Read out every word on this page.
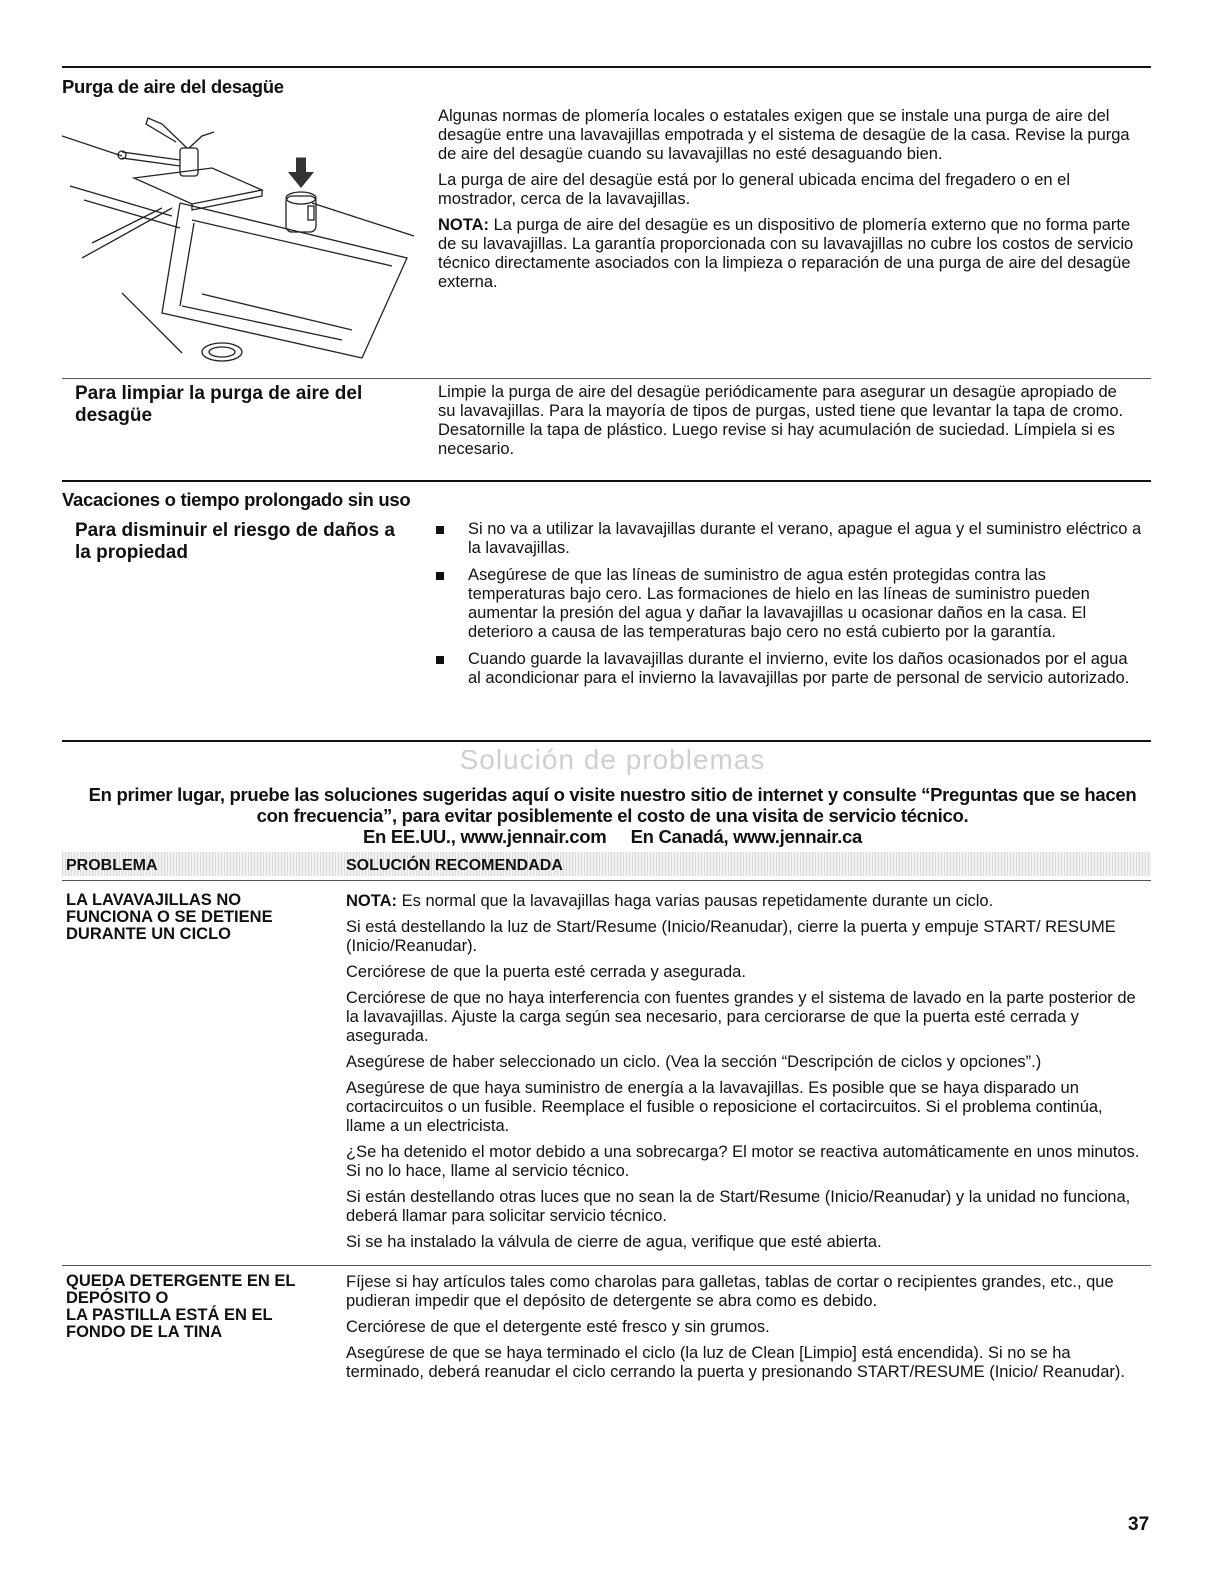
Purga de aire del desagüe

Algunas normas de plomería locales o estatales exigen que se instale una purga de aire del desagüe entre una lavavajillas empotrada y el sistema de desagüe de la casa. Revise la purga de aire del desagüe cuando su lavavajillas no esté desaguando bien.

La purga de aire del desagüe está por lo general ubicada encima del fregadero o en el mostrador, cerca de la lavavajillas.

NOTA: La purga de aire del desagüe es un dispositivo de plomería externo que no forma parte de su lavavajillas. La garantía proporcionada con su lavavajillas no cubre los costos de servicio técnico directamente asociados con la limpieza o reparación de una purga de aire del desagüe externa.

Para limpiar la purga de aire del desagüe
Limpie la purga de aire del desagüe periódicamente para asegurar un desagüe apropiado de su lavavajillas. Para la mayoría de tipos de purgas, usted tiene que levantar la tapa de cromo. Desatornille la tapa de plástico. Luego revise si hay acumulación de suciedad. Límpiela si es necesario.
Vacaciones o tiempo prolongado sin uso
Para disminuir el riesgo de daños a la propiedad
Si no va a utilizar la lavavajillas durante el verano, apague el agua y el suministro eléctrico a la lavavajillas.
Asegúrese de que las líneas de suministro de agua estén protegidas contra las temperaturas bajo cero. Las formaciones de hielo en las líneas de suministro pueden aumentar la presión del agua y dañar la lavavajillas u ocasionar daños en la casa. El deterioro a causa de las temperaturas bajo cero no está cubierto por la garantía.
Cuando guarde la lavavajillas durante el invierno, evite los daños ocasionados por el agua al acondicionar para el invierno la lavavajillas por parte de personal de servicio autorizado.
Solución de problemas
En primer lugar, pruebe las soluciones sugeridas aquí o visite nuestro sitio de internet y consulte “Preguntas que se hacen
con frecuencia”, para evitar posiblemente el costo de una visita de servicio técnico.
En EE.UU., www.jennair.com     En Canadá, www.jennair.ca
PROBLEMA	SOLUCIÓN RECOMENDADA
LA LAVAVAJILLAS NO
FUNCIONA O SE DETIENE
DURANTE UN CICLO

NOTA: Es normal que la lavavajillas haga varias pausas repetidamente durante un ciclo.

Si está destellando la luz de Start/Resume (Inicio/Reanudar), cierre la puerta y empuje START/ RESUME (Inicio/Reanudar).

Cerciórese de que la puerta esté cerrada y asegurada.

Cerciórese de que no haya interferencia con fuentes grandes y el sistema de lavado en la parte posterior de la lavavajillas. Ajuste la carga según sea necesario, para cerciorarse de que la puerta esté cerrada y asegurada.

Asegúrese de haber seleccionado un ciclo. (Vea la sección “Descripción de ciclos y opciones”.)

Asegúrese de que haya suministro de energía a la lavavajillas. Es posible que se haya disparado un cortacircuitos o un fusible. Reemplace el fusible o reposicione el cortacircuitos. Si el problema continúa, llame a un electricista.

¿Se ha detenido el motor debido a una sobrecarga? El motor se reactiva automáticamente en unos minutos. Si no lo hace, llame al servicio técnico.

Si están destellando otras luces que no sean la de Start/Resume (Inicio/Reanudar) y la unidad no funciona, deberá llamar para solicitar servicio técnico.

Si se ha instalado la válvula de cierre de agua, verifique que esté abierta.

QUEDA DETERGENTE EN EL
DEPÓSITO O
LA PASTILLA ESTÁ EN EL
FONDO DE LA TINA

Fíjese si hay artículos tales como charolas para galletas, tablas de cortar o recipientes grandes, etc., que pudieran impedir que el depósito de detergente se abra como es debido.

Cerciórese de que el detergente esté fresco y sin grumos.

Asegúrese de que se haya terminado el ciclo (la luz de Clean [Limpio] está encendida). Si no se ha terminado, deberá reanudar el ciclo cerrando la puerta y presionando START/RESUME (Inicio/ Reanudar).

37
